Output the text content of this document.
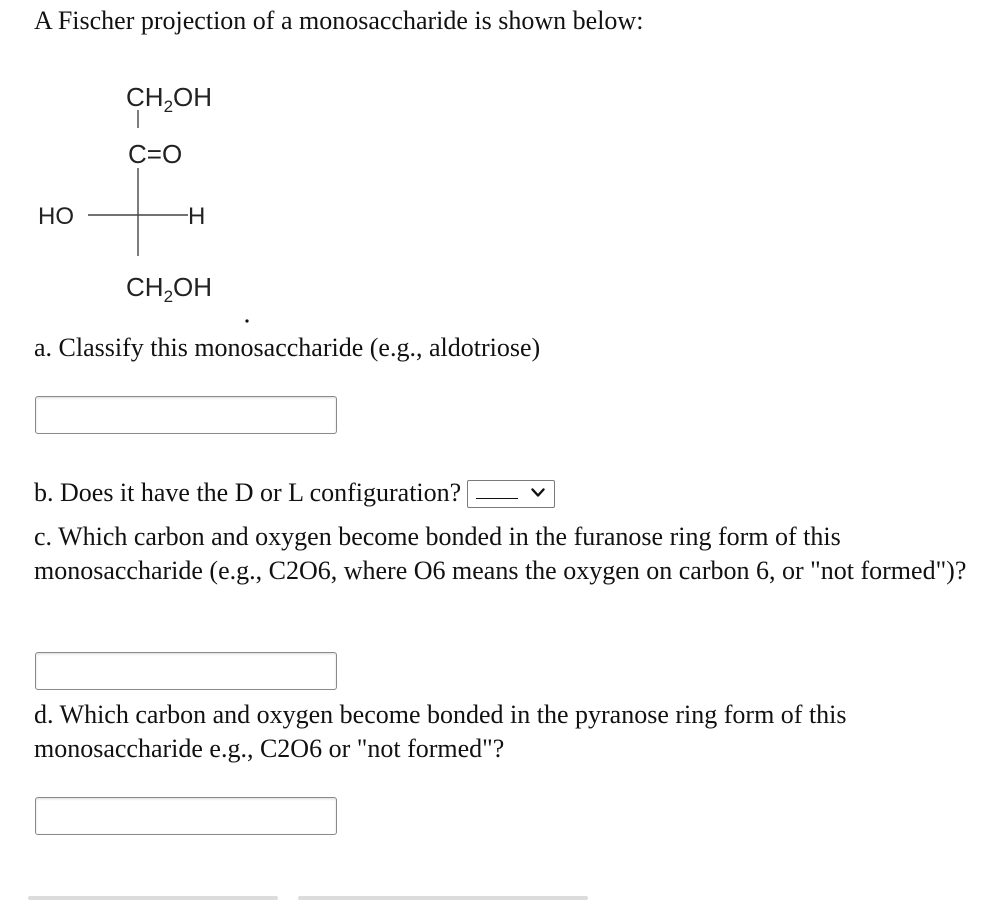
A Fischer projection of a monosaccharide is shown below:
$CH_2OH$
C=O
HO	H
$CH_2OH$
a. Classify this monosaccharide (e.g., aldotriose)
b. Does it have the D or L configuration?
c. Which carbon and oxygen become bonded in the furanose ring form of this monosaccharide (e.g., C2O6, where O6 means the oxygen on carbon 6, or "not formed")?
d. Which carbon and oxygen become bonded in the pyranose ring form of this monosaccharide e.g., C2O6 or "not formed"?
